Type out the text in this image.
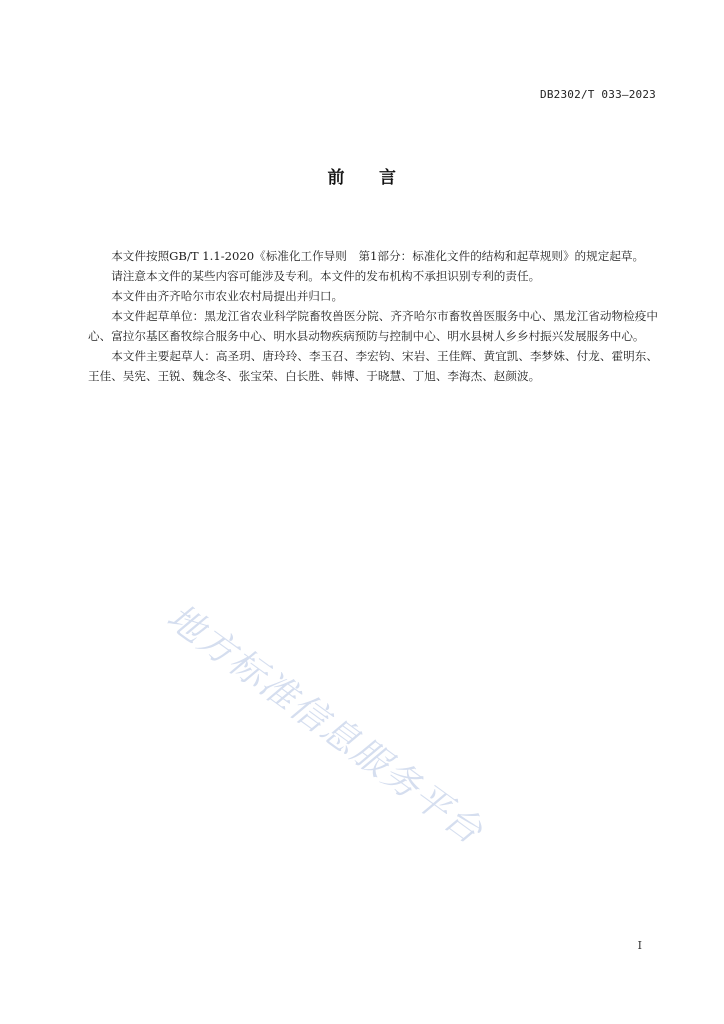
DB2302/T 033—2023
前 言

本文件按照GB/T 1.1-2020《标准化工作导则　第1部分：标准化文件的结构和起草规则》的规定起草。

请注意本文件的某些内容可能涉及专利。本文件的发布机构不承担识别专利的责任。

本文件由齐齐哈尔市农业农村局提出并归口。

本文件起草单位：黑龙江省农业科学院畜牧兽医分院、齐齐哈尔市畜牧兽医服务中心、黑龙江省动物检疫中心、富拉尔基区畜牧综合服务中心、明水县动物疾病预防与控制中心、明水县树人乡乡村振兴发展服务中心。

本文件主要起草人：高圣玥、唐玲玲、李玉召、李宏钧、宋岩、王佳辉、黄宜凯、李梦姝、付龙、霍明东、王佳、吴宪、王锐、魏念冬、张宝荣、白长胜、韩博、于晓慧、丁旭、李海杰、赵颜波。

地方标准信息服务平台
I
